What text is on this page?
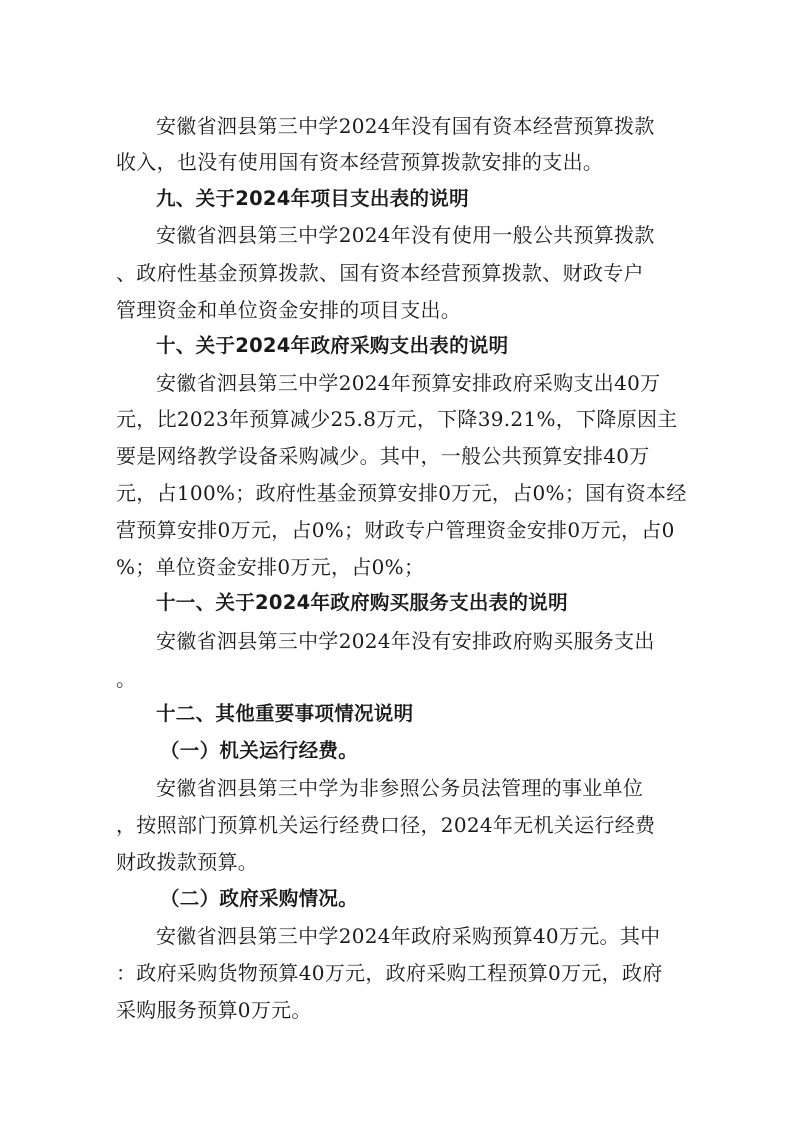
安徽省泗县第三中学2024年没有国有资本经营预算拨款
收入，也没有使用国有资本经营预算拨款安排的支出。
九、关于2024年项目支出表的说明
安徽省泗县第三中学2024年没有使用一般公共预算拨款
、政府性基金预算拨款、国有资本经营预算拨款、财政专户
管理资金和单位资金安排的项目支出。
十、关于2024年政府采购支出表的说明
安徽省泗县第三中学2024年预算安排政府采购支出40万
元，比2023年预算减少25.8万元，下降39.21%，下降原因主
要是网络教学设备采购减少。其中，一般公共预算安排40万
元，占100%；政府性基金预算安排0万元，占0%；国有资本经
营预算安排0万元，占0%；财政专户管理资金安排0万元，占0
%；单位资金安排0万元，占0%；
十一、关于2024年政府购买服务支出表的说明
安徽省泗县第三中学2024年没有安排政府购买服务支出
。
十二、其他重要事项情况说明
（一）机关运行经费。
安徽省泗县第三中学为非参照公务员法管理的事业单位
，按照部门预算机关运行经费口径，2024年无机关运行经费
财政拨款预算。
（二）政府采购情况。
安徽省泗县第三中学2024年政府采购预算40万元。其中
：政府采购货物预算40万元，政府采购工程预算0万元，政府
采购服务预算0万元。
